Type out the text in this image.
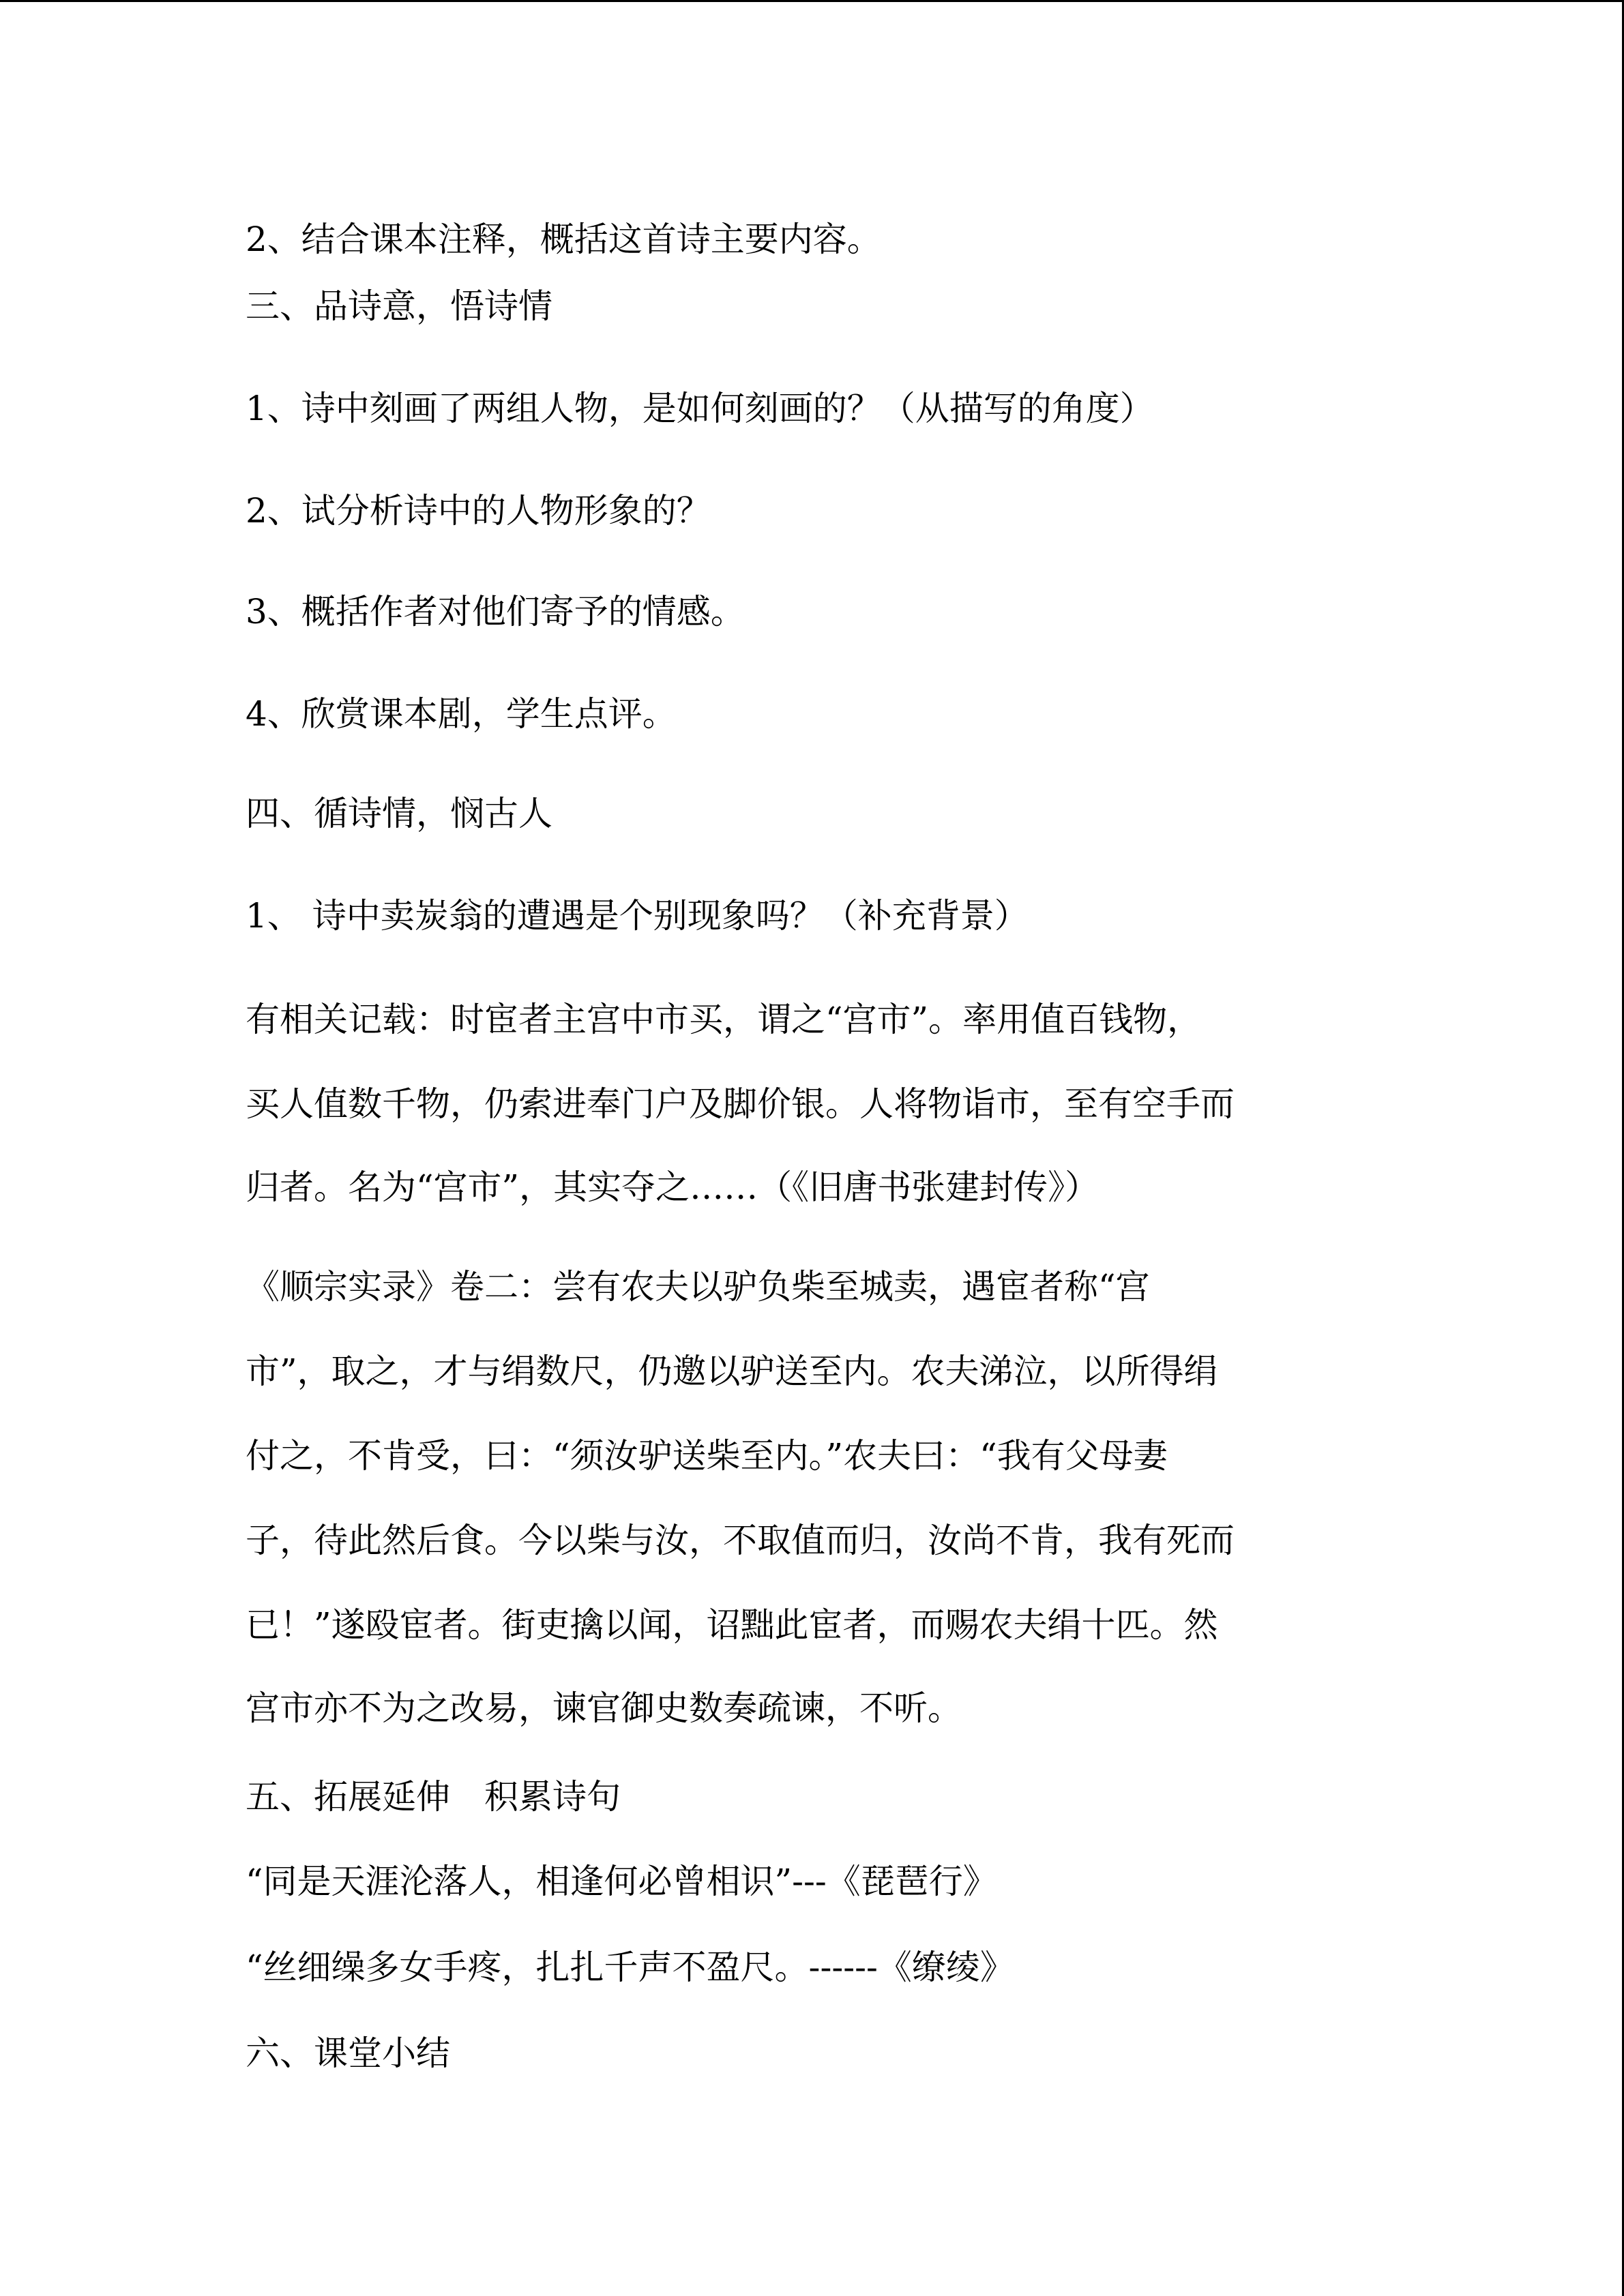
2、结合课本注释，概括这首诗主要内容。
三、品诗意，悟诗情
1、诗中刻画了两组人物，是如何刻画的？（从描写的角度）
2、试分析诗中的人物形象的？
3、概括作者对他们寄予的情感。
4、欣赏课本剧，学生点评。
四、循诗情，悯古人
1、 诗中卖炭翁的遭遇是个别现象吗？（补充背景）
有相关记载：时宦者主宫中市买，谓之“宫市”。率用值百钱物，
买人值数千物，仍索进奉门户及脚价银。人将物诣市，至有空手而
归者。名为“宫市”，其实夺之……（《旧唐书张建封传》）
《顺宗实录》卷二：尝有农夫以驴负柴至城卖，遇宦者称“宫
市”，取之，才与绢数尺，仍邀以驴送至内。农夫涕泣，以所得绢
付之，不肯受，曰：“须汝驴送柴至内。”农夫曰：“我有父母妻
子，待此然后食。今以柴与汝，不取值而归，汝尚不肯，我有死而
已！”遂殴宦者。街吏擒以闻，诏黜此宦者，而赐农夫绢十匹。然
宫市亦不为之改易，谏官御史数奏疏谏，不听。
五、拓展延伸　积累诗句
“同是天涯沦落人，相逢何必曾相识”---《琵琶行》
“丝细缲多女手疼，扎扎千声不盈尺。------《缭绫》
六、课堂小结
